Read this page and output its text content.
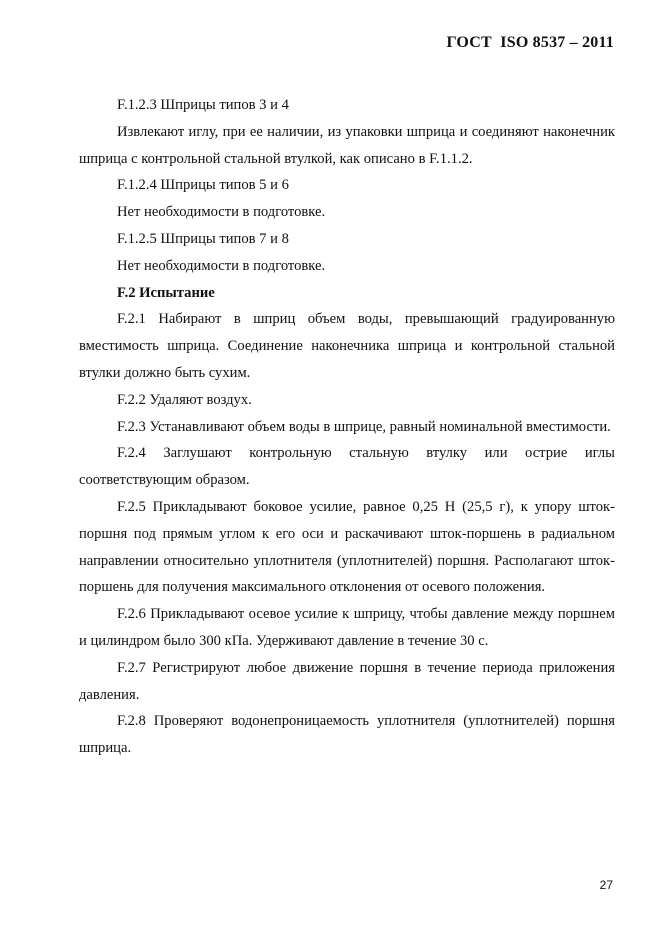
ГОСТ  ISO 8537 – 2011

F.1.2.3 Шприцы типов 3 и 4

Извлекают иглу, при ее наличии, из упаковки шприца и соединяют наконечник шприца с контрольной стальной втулкой, как описано в F.1.1.2.

F.1.2.4 Шприцы типов 5 и 6

Нет необходимости в подготовке.

F.1.2.5 Шприцы типов 7 и 8

Нет необходимости в подготовке.

F.2 Испытание

F.2.1 Набирают в шприц объем воды, превышающий градуированную вместимость шприца. Соединение наконечника шприца и контрольной стальной втулки должно быть сухим.

F.2.2 Удаляют воздух.

F.2.3 Устанавливают объем воды в шприце, равный номинальной вместимости.

F.2.4 Заглушают контрольную стальную втулку или острие иглы соответствующим образом.

F.2.5 Прикладывают боковое усилие, равное 0,25 Н (25,5 г), к упору шток-поршня под прямым углом к его оси и раскачивают шток-поршень в радиальном направлении относительно уплотнителя (уплотнителей) поршня. Располагают шток-поршень для получения максимального отклонения от осевого положения.

F.2.6 Прикладывают осевое усилие к шприцу, чтобы давление между поршнем и цилиндром было 300 кПа. Удерживают давление в течение 30 с.

F.2.7 Регистрируют любое движение поршня в течение периода приложения давления.

F.2.8 Проверяют водонепроницаемость уплотнителя (уплотнителей) поршня шприца.

27
